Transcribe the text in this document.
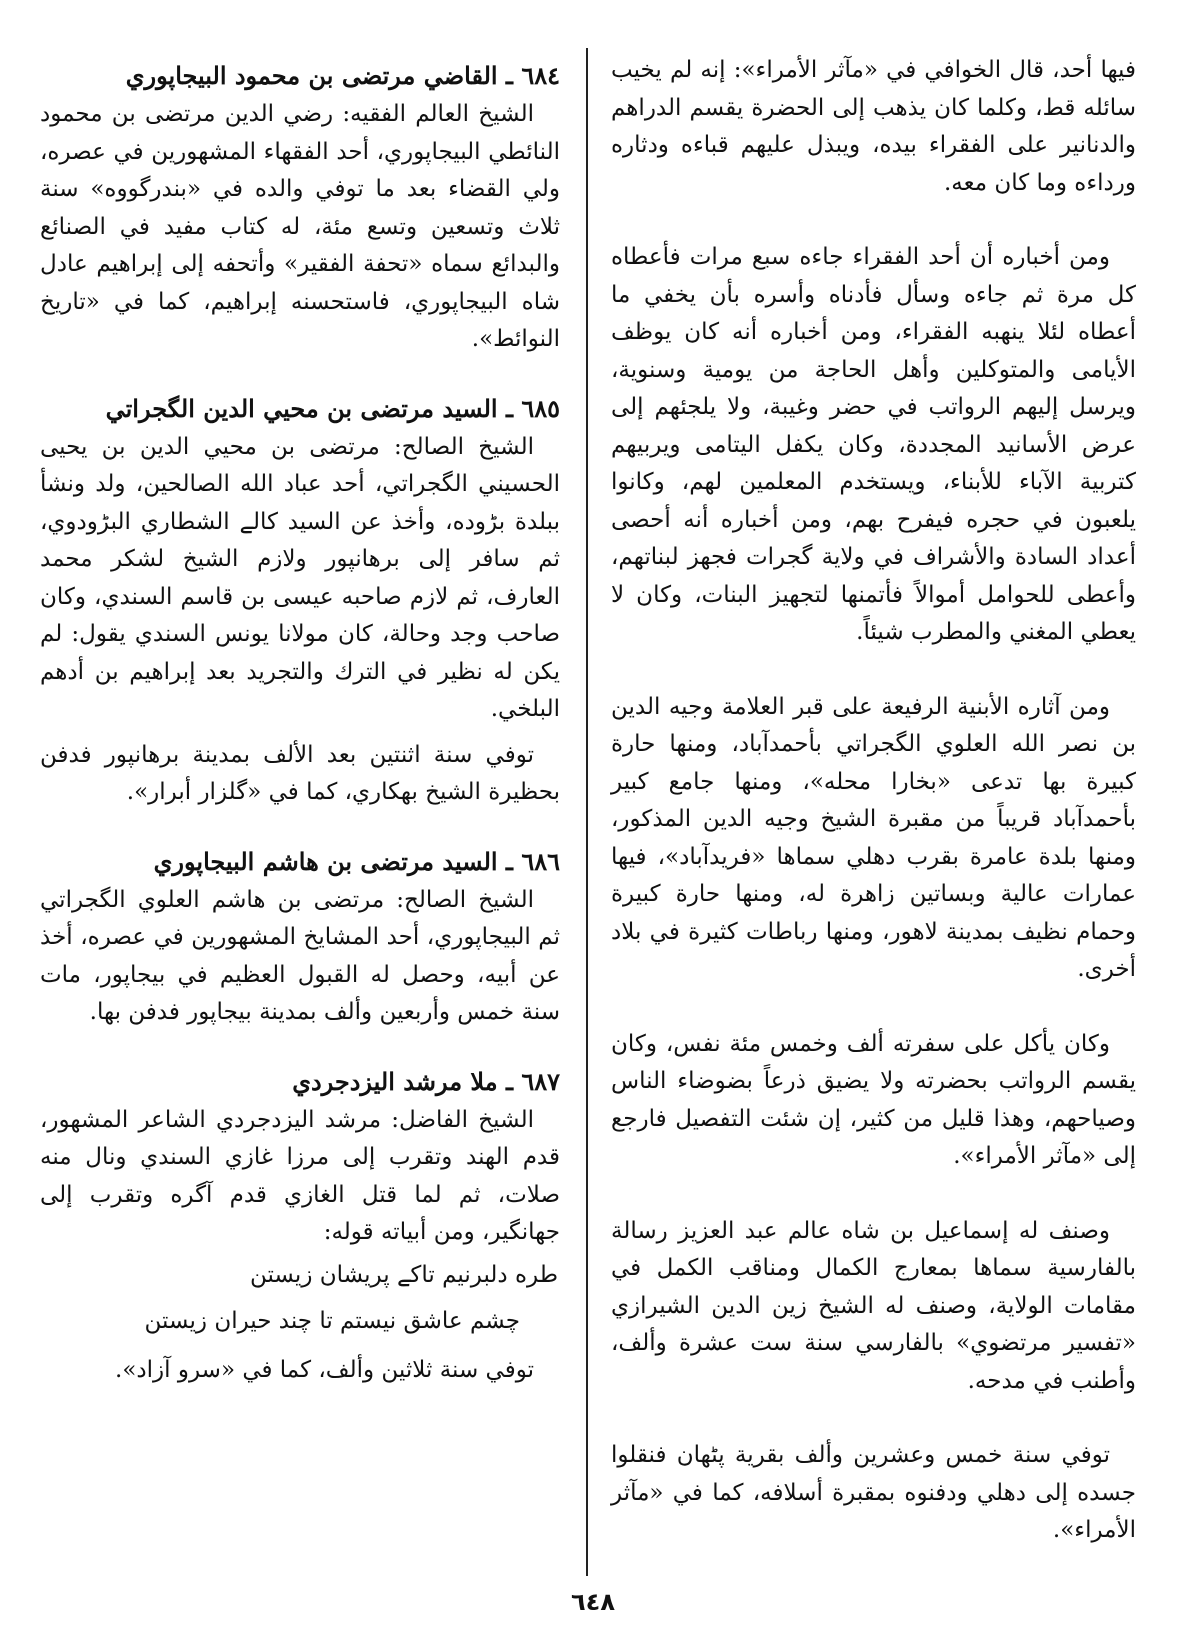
فيها أحد، قال الخوافي في «مآثر الأمراء»: إنه لم يخيب سائله قط، وكلما كان يذهب إلى الحضرة يقسم الدراهم والدنانير على الفقراء بيده، ويبذل عليهم قباءه ودثاره ورداءه وما كان معه.

ومن أخباره أن أحد الفقراء جاءه سبع مرات فأعطاه كل مرة ثم جاءه وسأل فأدناه وأسره بأن يخفي ما أعطاه لئلا ينهبه الفقراء، ومن أخباره أنه كان يوظف الأيامى والمتوكلين وأهل الحاجة من يومية وسنوية، ويرسل إليهم الرواتب في حضر وغيبة، ولا يلجئهم إلى عرض الأسانيد المجددة، وكان يكفل اليتامى ويربيهم كتربية الآباء للأبناء، ويستخدم المعلمين لهم، وكانوا يلعبون في حجره فيفرح بهم، ومن أخباره أنه أحصى أعداد السادة والأشراف في ولاية گجرات فجهز لبناتهم، وأعطى للحوامل أموالاً فأتمنها لتجهيز البنات، وكان لا يعطي المغني والمطرب شيئاً.

ومن آثاره الأبنية الرفيعة على قبر العلامة وجيه الدين بن نصر الله العلوي الگجراتي بأحمدآباد، ومنها حارة كبيرة بها تدعى «بخارا محله»، ومنها جامع كبير بأحمدآباد قريباً من مقبرة الشيخ وجيه الدين المذكور، ومنها بلدة عامرة بقرب دهلي سماها «فريدآباد»، فيها عمارات عالية وبساتين زاهرة له، ومنها حارة كبيرة وحمام نظيف بمدينة لاهور، ومنها رباطات كثيرة في بلاد أخرى.

وكان يأكل على سفرته ألف وخمس مئة نفس، وكان يقسم الرواتب بحضرته ولا يضيق ذرعاً بضوضاء الناس وصياحهم، وهذا قليل من كثير، إن شئت التفصيل فارجع إلى «مآثر الأمراء».

وصنف له إسماعيل بن شاه عالم عبد العزيز رسالة بالفارسية سماها بمعارج الكمال ومناقب الكمل في مقامات الولاية، وصنف له الشيخ زين الدين الشيرازي «تفسير مرتضوي» بالفارسي سنة ست عشرة وألف، وأطنب في مدحه.

توفي سنة خمس وعشرين وألف بقرية پٹهان فنقلوا جسده إلى دهلي ودفنوه بمقبرة أسلافه، كما في «مآثر الأمراء».

٦٨٤ ـ القاضي مرتضى بن محمود البيجاپوري

الشيخ العالم الفقيه: رضي الدين مرتضى بن محمود النائطي البيجاپوري، أحد الفقهاء المشهورين في عصره، ولي القضاء بعد ما توفي والده في «بندرگووه» سنة ثلاث وتسعين وتسع مئة، له كتاب مفيد في الصنائع والبدائع سماه «تحفة الفقير» وأتحفه إلى إبراهيم عادل شاه البيجاپوري، فاستحسنه إبراهيم، كما في «تاريخ النوائط».

٦٨٥ ـ السيد مرتضى بن محيي الدين الگجراتي

الشيخ الصالح: مرتضى بن محيي الدين بن يحيى الحسيني الگجراتي، أحد عباد الله الصالحين، ولد ونشأ ببلدة بڑوده، وأخذ عن السيد كالے الشطاري البڑودوي، ثم سافر إلى برهانپور ولازم الشيخ لشكر محمد العارف، ثم لازم صاحبه عيسى بن قاسم السندي، وكان صاحب وجد وحالة، كان مولانا يونس السندي يقول: لم يكن له نظير في الترك والتجريد بعد إبراهيم بن أدهم البلخي.

توفي سنة اثنتين بعد الألف بمدينة برهانپور فدفن بحظيرة الشيخ بهكاري، كما في «گلزار أبرار».

٦٨٦ ـ السيد مرتضى بن هاشم البيجاپوري

الشيخ الصالح: مرتضى بن هاشم العلوي الگجراتي ثم البيجاپوري، أحد المشايخ المشهورين في عصره، أخذ عن أبيه، وحصل له القبول العظيم في بيجاپور، مات سنة خمس وأربعين وألف بمدينة بيجاپور فدفن بها.

٦٨٧ ـ ملا مرشد اليزدجردي

الشيخ الفاضل: مرشد اليزدجردي الشاعر المشهور، قدم الهند وتقرب إلى مرزا غازي السندي ونال منه صلات، ثم لما قتل الغازي قدم آگره وتقرب إلى جهانگير، ومن أبياته قوله:

طره دلبرنيم تاكے پريشان زيستن
چشم عاشق نيستم تا چند حيران زيستن

توفي سنة ثلاثين وألف، كما في «سرو آزاد».

٦٤٨
